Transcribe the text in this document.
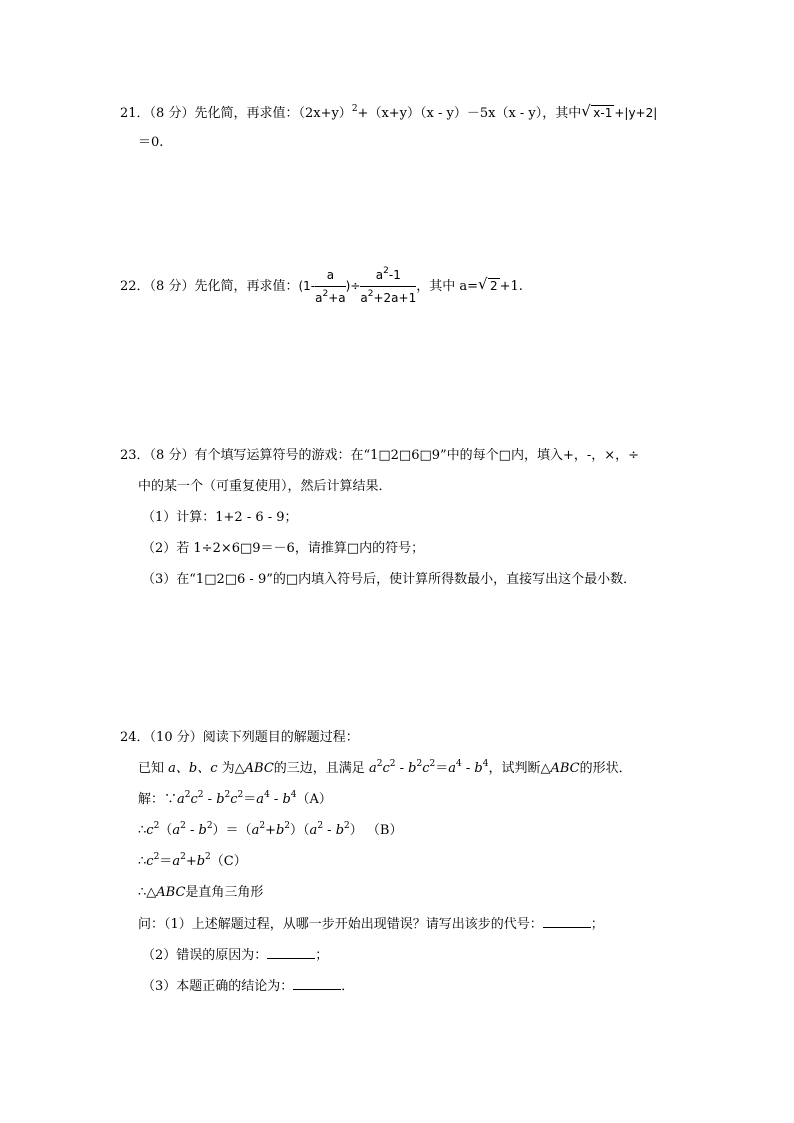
21．（8 分）先化简，再求值：$(2x+y)^2+(x+y)(x - y)-5x(x - y)$，其中 √ x-1 +|y+2|
＝0.
22．（8 分）先化简，再求值：($1- \frac{a}{a^2+a}$ )÷ $\frac{a^2-1}{a^2+2a+1}$ ，其中 a= √ 2 +1.
23．（8 分）有个填写运算符号的游戏：在“1□2□6□9”中的每个□内，填入+，-，×，÷
中的某一个（可重复使用），然后计算结果．
（1）计算：1+2 - 6 - 9；
（2）若 1÷2×6□9＝－6，请推算□内的符号；
（3）在“1□2□6 - 9”的□内填入符号后，使计算所得数最小，直接写出这个最小数．
24．（10 分）阅读下列题目的解题过程：
已知 a、b、c 为△ABC的三边，且满足 $a^2c^2 - b^2c^2=a^4 - b^4$，试判断△ABC的形状．
解：$\because a^2c^2 - b^2c^2=a^4 - b^4(A)$
$\therefore c^2(a^2 - b^2)=(a^2+b^2)(a^2 - b^2)$ （B）
$\therefore c^2=a^2+b^2(C)$
∴△ABC是直角三角形
问：（1）上述解题过程，从哪一步开始出现错误？请写出该步的代号：	；
（2）错误的原因为：	；
（3）本题正确的结论为：	．
